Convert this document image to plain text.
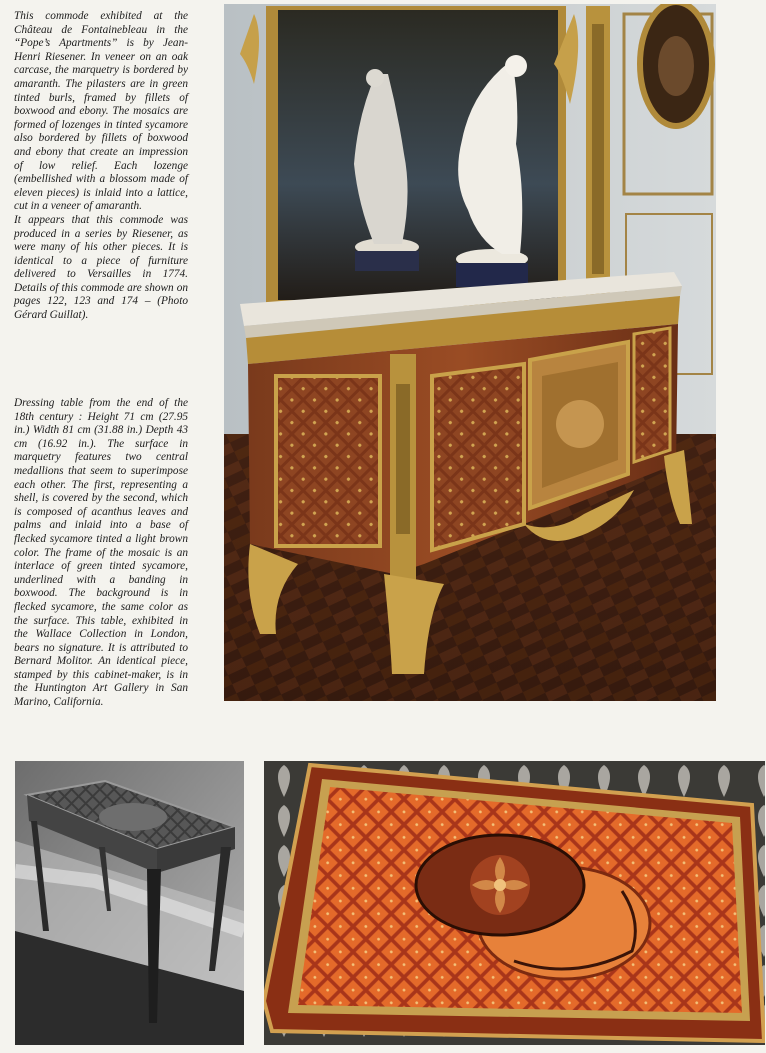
This commode exhibited at the Château de Fontainebleau in the “Pope’s Apartments” is by Jean-Henri Riesener. In veneer on an oak carcase, the marquetry is bordered by amaranth. The pilasters are in green tinted burls, framed by fillets of boxwood and ebony. The mosaics are formed of lozenges in tinted sycamore also bordered by fillets of boxwood and ebony that create an impression of low relief. Each lozenge (embellished with a blossom made of eleven pieces) is inlaid into a lattice, cut in a veneer of amaranth.

It appears that this commode was produced in a series by Riesener, as were many of his other pieces. It is identical to a piece of furniture delivered to Versailles in 1774. Details of this commode are shown on pages 122, 123 and 174 – (Photo Gérard Guillat).

Dressing table from the end of the 18th century : Height 71 cm (27.95 in.) Width 81 cm (31.88 in.) Depth 43 cm (16.92 in.). The surface in marquetry features two central medallions that seem to superimpose each other. The first, representing a shell, is covered by the second, which is composed of acanthus leaves and palms and inlaid into a base of flecked sycamore tinted a light brown color. The frame of the mosaic is an interlace of green tinted sycamore, underlined with a banding in boxwood. The background is in flecked sycamore, the same color as the surface. This table, exhibited in the Wallace Collection in London, bears no signature. It is attributed to Bernard Molitor. An identical piece, stamped by this cabinet-maker, is in the Huntington Art Gallery in San Marino, California.
